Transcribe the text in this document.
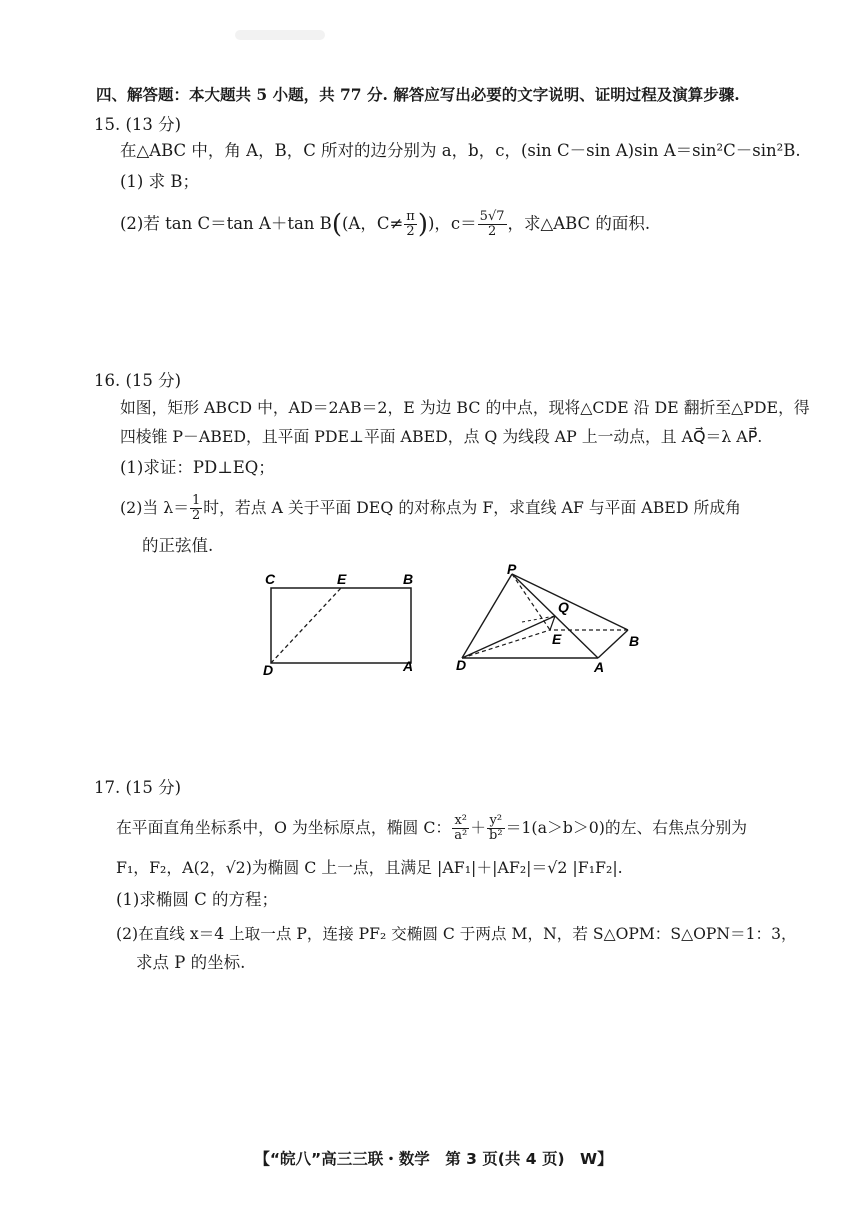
四、解答题：本大题共 5 小题，共 77 分. 解答应写出必要的文字说明、证明过程及演算步骤.
15. (13 分)
在△ABC 中，角 A，B，C 所对的边分别为 a，b，c，(sin C－sin A)sin A＝sin²C－sin²B.
(1) 求 B；
(2)若 tan C＝tan A＋tan B((A，$C\ne \frac{\pi}{2}$ ))，$c= \frac{5√7}{2}$ ，求△ABC 的面积.
16. (15 分)
如图，矩形 ABCD 中，AD＝2AB＝2，E 为边 BC 的中点，现将△CDE 沿 DE 翻折至△PDE，得
四棱锥 P－ABED，且平面 PDE⊥平面 ABED，点 Q 为线段 AP 上一动点，且 AQ⃗＝λ AP⃗.
(1)求证：PD⊥EQ；
(2)当 $\lambda= \frac{1}{2}$ 时，若点 A 关于平面 DEQ 的对称点为 F，求直线 AF 与平面 ABED 所成角
的正弦值.
C	E	B
D	A
P
Q
E	B
D	A
17. (15 分)
在平面直角坐标系中，O 为坐标原点，椭圆 C： $\frac{\text{x²}}{\text{a²}} + \frac{\text{y²}}{\text{b²}} =1(a>b>0)$的左、右焦点分别为
F₁，F₂，A(2，√2)为椭圆 C 上一点，且满足 |AF₁|＋|AF₂|＝√2 |F₁F₂|.
(1)求椭圆 C 的方程；
(2)在直线 x＝4 上取一点 P，连接 PF₂ 交椭圆 C 于两点 M，N，若 S△OPM：S△OPN＝1：3，
求点 P 的坐标.
【“皖八”高三三联・数学　第 3 页(共 4 页)　W】
